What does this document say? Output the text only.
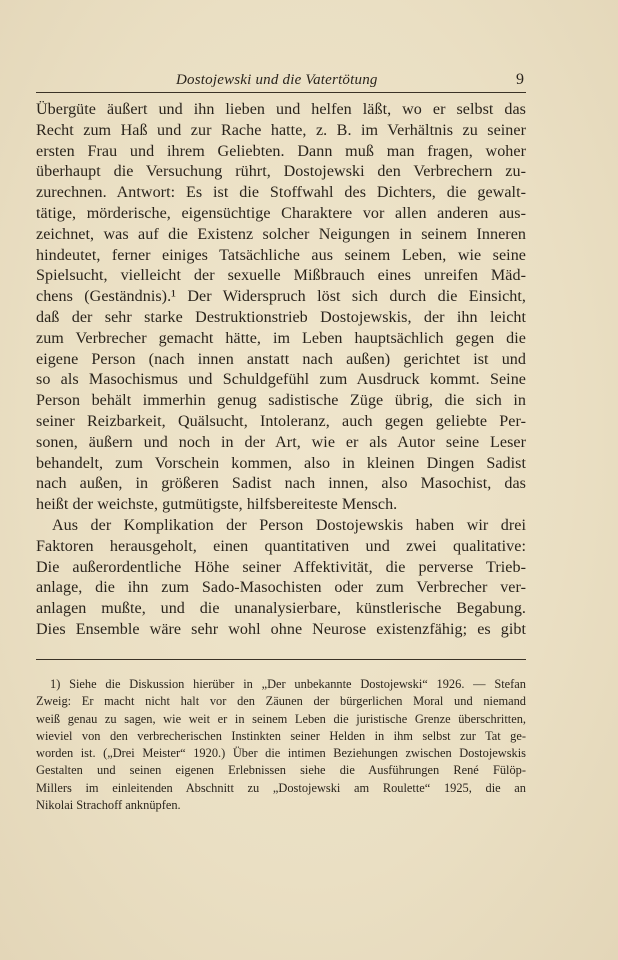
Dostojewski und die Vatertötung	9
Übergüte äußert und ihn lieben und helfen läßt, wo er selbst das
Recht zum Haß und zur Rache hatte, z. B. im Verhältnis zu seiner
ersten Frau und ihrem Geliebten. Dann muß man fragen, woher
überhaupt die Versuchung rührt, Dostojewski den Verbrechern zu-
zurechnen. Antwort: Es ist die Stoffwahl des Dichters, die gewalt-
tätige, mörderische, eigensüchtige Charaktere vor allen anderen aus-
zeichnet, was auf die Existenz solcher Neigungen in seinem Inneren
hindeutet, ferner einiges Tatsächliche aus seinem Leben, wie seine
Spielsucht, vielleicht der sexuelle Mißbrauch eines unreifen Mäd-
chens (Geständnis).¹ Der Widerspruch löst sich durch die Einsicht,
daß der sehr starke Destruktionstrieb Dostojewskis, der ihn leicht
zum Verbrecher gemacht hätte, im Leben hauptsächlich gegen die
eigene Person (nach innen anstatt nach außen) gerichtet ist und
so als Masochismus und Schuldgefühl zum Ausdruck kommt. Seine
Person behält immerhin genug sadistische Züge übrig, die sich in
seiner Reizbarkeit, Quälsucht, Intoleranz, auch gegen geliebte Per-
sonen, äußern und noch in der Art, wie er als Autor seine Leser
behandelt, zum Vorschein kommen, also in kleinen Dingen Sadist
nach außen, in größeren Sadist nach innen, also Masochist, das
heißt der weichste, gutmütigste, hilfsbereiteste Mensch.
Aus der Komplikation der Person Dostojewskis haben wir drei
Faktoren herausgeholt, einen quantitativen und zwei qualitative:
Die außerordentliche Höhe seiner Affektivität, die perverse Trieb-
anlage, die ihn zum Sado-Masochisten oder zum Verbrecher ver-
anlagen mußte, und die unanalysierbare, künstlerische Begabung.
Dies Ensemble wäre sehr wohl ohne Neurose existenzfähig; es gibt
1) Siehe die Diskussion hierüber in „Der unbekannte Dostojewski“ 1926. — Stefan
Zweig: Er macht nicht halt vor den Zäunen der bürgerlichen Moral und niemand
weiß genau zu sagen, wie weit er in seinem Leben die juristische Grenze überschritten,
wieviel von den verbrecherischen Instinkten seiner Helden in ihm selbst zur Tat ge-
worden ist. („Drei Meister“ 1920.) Über die intimen Beziehungen zwischen Dostojewskis
Gestalten und seinen eigenen Erlebnissen siehe die Ausführungen René Fülöp-
Millers im einleitenden Abschnitt zu „Dostojewski am Roulette“ 1925, die an
Nikolai Strachoff anknüpfen.
